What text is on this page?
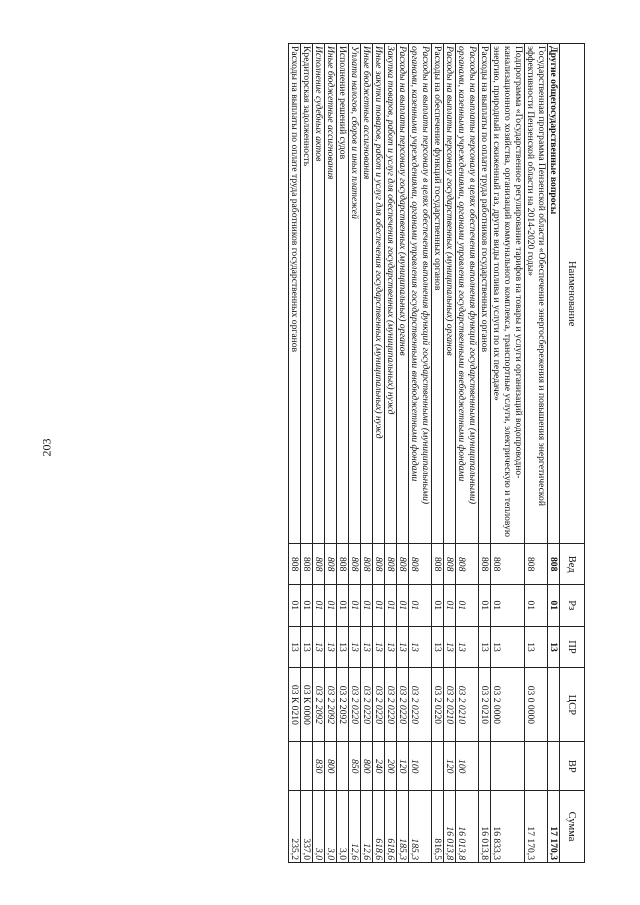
203
Наименование	Вед	Рз	ПР	ЦСР	ВР	Сумма
Другие общегосударственные вопросы	808	01	13			17 170,3
Государственная программа Пензенской области «Обеспечение энергосбережения и повышения энергетической эффективности Пензенской области на 2014-2020 годы»	808	01	13	03 0 0000		17 170,3
Подпрограмма «Государственное регулирование тарифов на товары и услуги организаций водопроводно-канализационного хозяйства, организаций коммунального комплекса, транспортные услуги, электрическую и тепловую энергию, природный и сжиженный газ, другие виды топлива и услуги по их передаче»	808	01	13	03 2 0000		16 833,3
Расходы на выплаты по оплате труда работников государственных органов	808	01	13	03 2 0210		16 013,8
Расходы на выплаты персоналу в целях обеспечения выполнения функций государственными (муниципальными) органами, казенными учреждениями, органами управления государственными внебюджетными фондами	808	01	13	03 2 0210	100	16 013,8
Расходы на выплаты персоналу государственных (муниципальных) органов	808	01	13	03 2 0210	120	16 013,8
Расходы на обеспечение функций государственных органов	808	01	13	03 2 0220		816,5
Расходы на выплаты персоналу в целях обеспечения выполнения функций государственными (муниципальными) органами, казенными учреждениями, органами управления государственными внебюджетными фондами	808	01	13	03 2 0220	100	185,3
Расходы на выплаты персоналу государственных (муниципальных) органов	808	01	13	03 2 0220	120	185,3
Закупка товаров, работ и услуг для обеспечения государственных (муниципальных) нужд	808	01	13	03 2 0220	200	618,6
Иные закупки товаров, работ и услуг для обеспечения государственных (муниципальных) нужд	808	01	13	03 2 0220	240	618,6
Иные бюджетные ассигнования	808	01	13	03 2 0220	800	12,6
Уплата налогов, сборов и иных платежей	808	01	13	03 2 0220	850	12,6
Исполнение решений судов	808	01	13	03 2 2092		3,0
Иные бюджетные ассигнования	808	01	13	03 2 2092	800	3,0
Исполнение судебных актов	808	01	13	03 2 2092	830	3,0
Кредиторская задолженность	808	01	13	03 К 0000		337,0
Расходы на выплаты по оплате труда работников государственных органов	808	01	13	03 К 0210		235,2
